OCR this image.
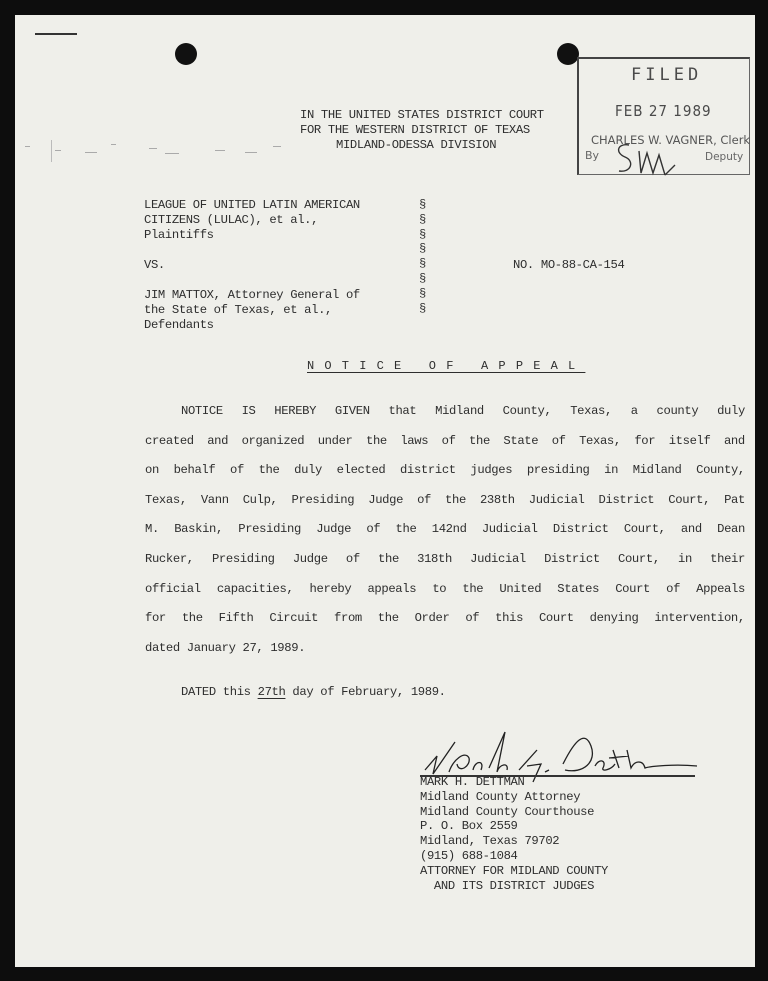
IN THE UNITED STATES DISTRICT COURT
FOR THE WESTERN DISTRICT OF TEXAS
MIDLAND-ODESSA DIVISION
FILED
FEB 27 1989
CHARLES W. VAGNER, Clerk
By	Deputy
LEAGUE OF UNITED LATIN AMERICAN
CITIZENS (LULAC), et al.,
Plaintiffs
VS.
JIM MATTOX, Attorney General of
the State of Texas, et al.,
Defendants
§
§
§
§
§
§
§
§
NO. MO-88-CA-154
NOTICE OF APPEAL
NOTICE IS HEREBY GIVEN that Midland County, Texas, a county duly
created and organized under the laws of the State of Texas, for itself and
on behalf of the duly elected district judges presiding in Midland County,
Texas, Vann Culp, Presiding Judge of the 238th Judicial District Court, Pat
M. Baskin, Presiding Judge of the 142nd Judicial District Court, and Dean
Rucker, Presiding Judge of the 318th Judicial District Court, in their
official capacities, hereby appeals to the United States Court of Appeals
for the Fifth Circuit from the Order of this Court denying intervention,
dated January 27, 1989.
DATED this 27th day of February, 1989.
MARK H. DETTMAN
Midland County Attorney
Midland County Courthouse
P. O. Box 2559
Midland, Texas 79702
(915) 688-1084
ATTORNEY FOR MIDLAND COUNTY
AND ITS DISTRICT JUDGES
